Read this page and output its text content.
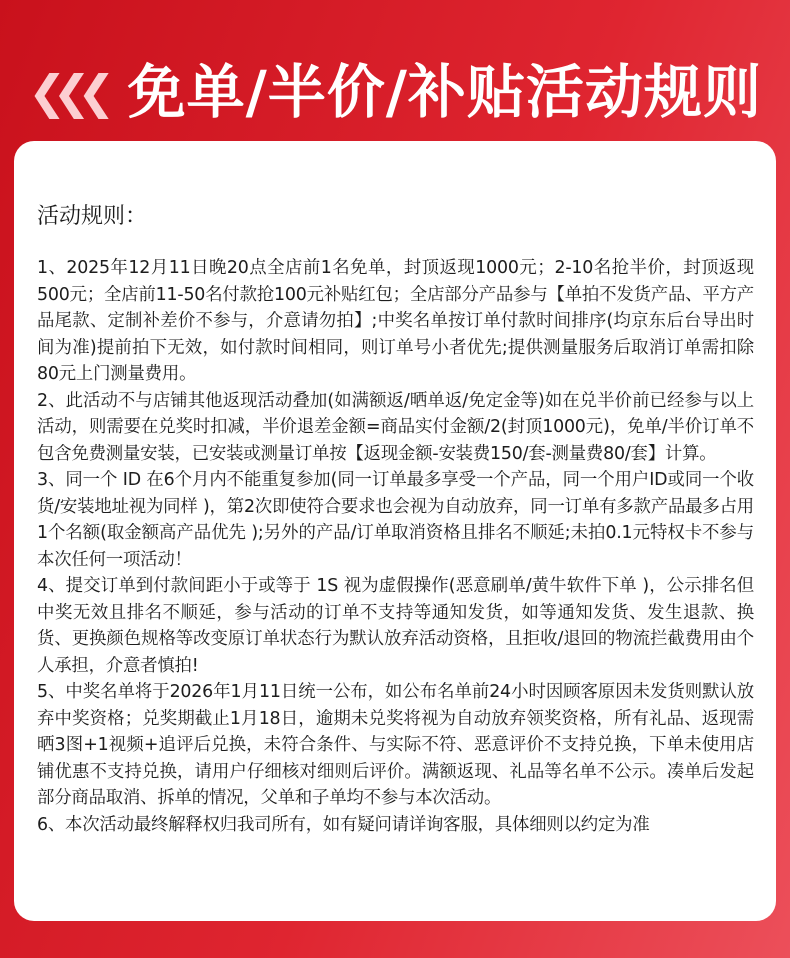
❮❮❮ 免单/半价/补贴活动规则

活动规则：

1、2025年12月11日晚20点全店前1名免单，封顶返现1000元；2-10名抢半价，封顶返现500元；全店前11-50名付款抢100元补贴红包；全店部分产品参与【单拍不发货产品、平方产品尾款、定制补差价不参与，介意请勿拍】;中奖名单按订单付款时间排序(均京东后台导出时间为准)提前拍下无效，如付款时间相同，则订单号小者优先;提供测量服务后取消订单需扣除80元上门测量费用。

2、此活动不与店铺其他返现活动叠加(如满额返/晒单返/免定金等)如在兑半价前已经参与以上活动，则需要在兑奖时扣减，半价退差金额=商品实付金额/2(封顶1000元)，免单/半价订单不包含免费测量安装，已安装或测量订单按【返现金额-安装费150/套-测量费80/套】计算。

3、同一个 ID 在6个月内不能重复参加(同一订单最多享受一个产品，同一个用户ID或同一个收货/安装地址视为同样 )，第2次即使符合要求也会视为自动放弃，同一订单有多款产品最多占用1个名额(取金额高产品优先 );另外的产品/订单取消资格且排名不顺延;未拍0.1元特权卡不参与本次任何一项活动！

4、提交订单到付款间距小于或等于 1S 视为虚假操作(恶意刷单/黄牛软件下单 )，公示排名但中奖无效且排名不顺延，参与活动的订单不支持等通知发货，如等通知发货、发生退款、换货、更换颜色规格等改变原订单状态行为默认放弃活动资格，且拒收/退回的物流拦截费用由个人承担，介意者慎拍!

5、中奖名单将于2026年1月11日统一公布，如公布名单前24小时因顾客原因未发货则默认放弃中奖资格；兑奖期截止1月18日，逾期未兑奖将视为自动放弃领奖资格，所有礼品、返现需晒3图+1视频+追评后兑换，未符合条件、与实际不符、恶意评价不支持兑换，下单未使用店铺优惠不支持兑换，请用户仔细核对细则后评价。满额返现、礼品等名单不公示。凑单后发起部分商品取消、拆单的情况，父单和子单均不参与本次活动。

6、本次活动最终解释权归我司所有，如有疑问请详询客服，具体细则以约定为准
